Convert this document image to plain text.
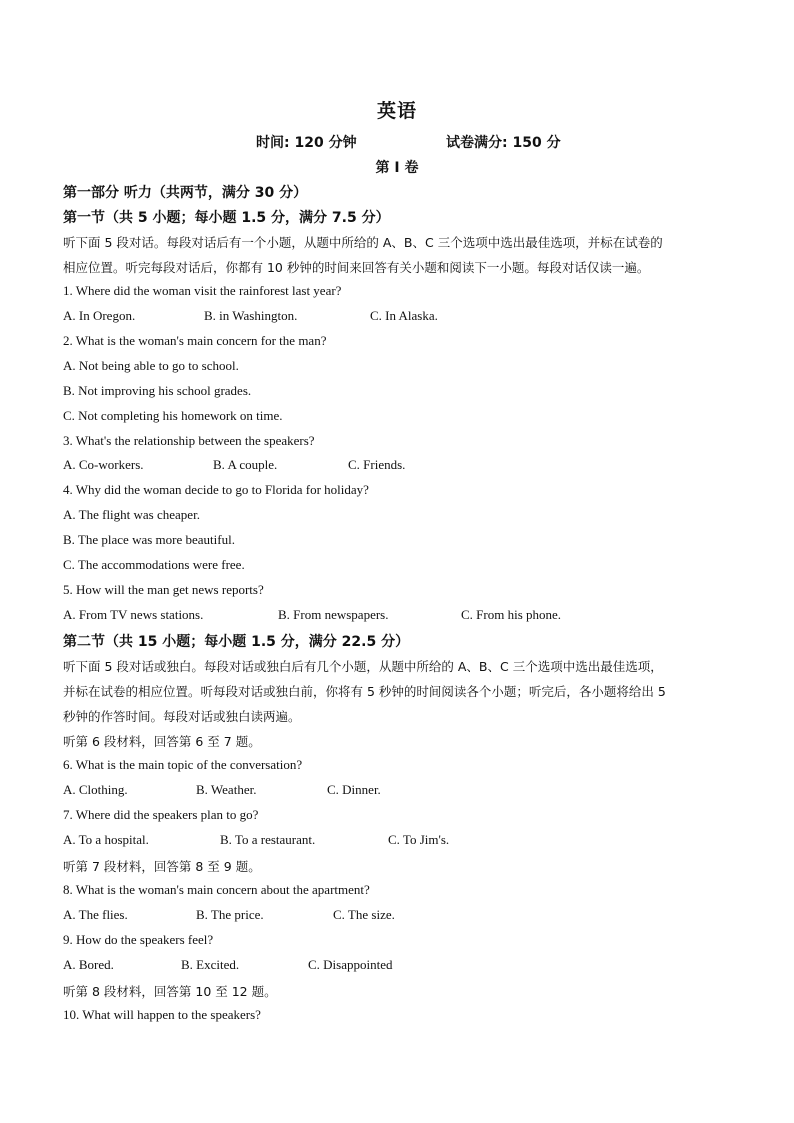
英语
时间: 120 分钟	试卷满分: 150 分
第 I 卷
第一部分 听力（共两节，满分 30 分）
第一节（共 5 小题；每小题 1.5 分，满分 7.5 分）
听下面 5 段对话。每段对话后有一个小题，从题中所给的 A、B、C 三个选项中选出最佳选项，并标在试卷的
相应位置。听完每段对话后，你都有 10 秒钟的时间来回答有关小题和阅读下一小题。每段对话仅读一遍。
1. Where did the woman visit the rainforest last year?
A. In Oregon.	B. in Washington.	C. In Alaska.
2. What is the woman's main concern for the man?
A. Not being able to go to school.
B. Not improving his school grades.
C. Not completing his homework on time.
3. What's the relationship between the speakers?
A. Co-workers.	B. A couple.	C. Friends.
4. Why did the woman decide to go to Florida for holiday?
A. The flight was cheaper.
B. The place was more beautiful.
C. The accommodations were free.
5. How will the man get news reports?
A. From TV news stations.	B. From newspapers.	C. From his phone.
第二节（共 15 小题；每小题 1.5 分，满分 22.5 分）
听下面 5 段对话或独白。每段对话或独白后有几个小题，从题中所给的 A、B、C 三个选项中选出最佳选项，
并标在试卷的相应位置。听每段对话或独白前，你将有 5 秒钟的时间阅读各个小题；听完后，各小题将给出 5
秒钟的作答时间。每段对话或独白读两遍。
听第 6 段材料，回答第 6 至 7 题。
6. What is the main topic of the conversation?
A. Clothing.	B. Weather.	C. Dinner.
7. Where did the speakers plan to go?
A. To a hospital.	B. To a restaurant.	C. To Jim's.
听第 7 段材料，回答第 8 至 9 题。
8. What is the woman's main concern about the apartment?
A. The flies.	B. The price.	C. The size.
9. How do the speakers feel?
A. Bored.	B. Excited.	C. Disappointed
听第 8 段材料，回答第 10 至 12 题。
10. What will happen to the speakers?
